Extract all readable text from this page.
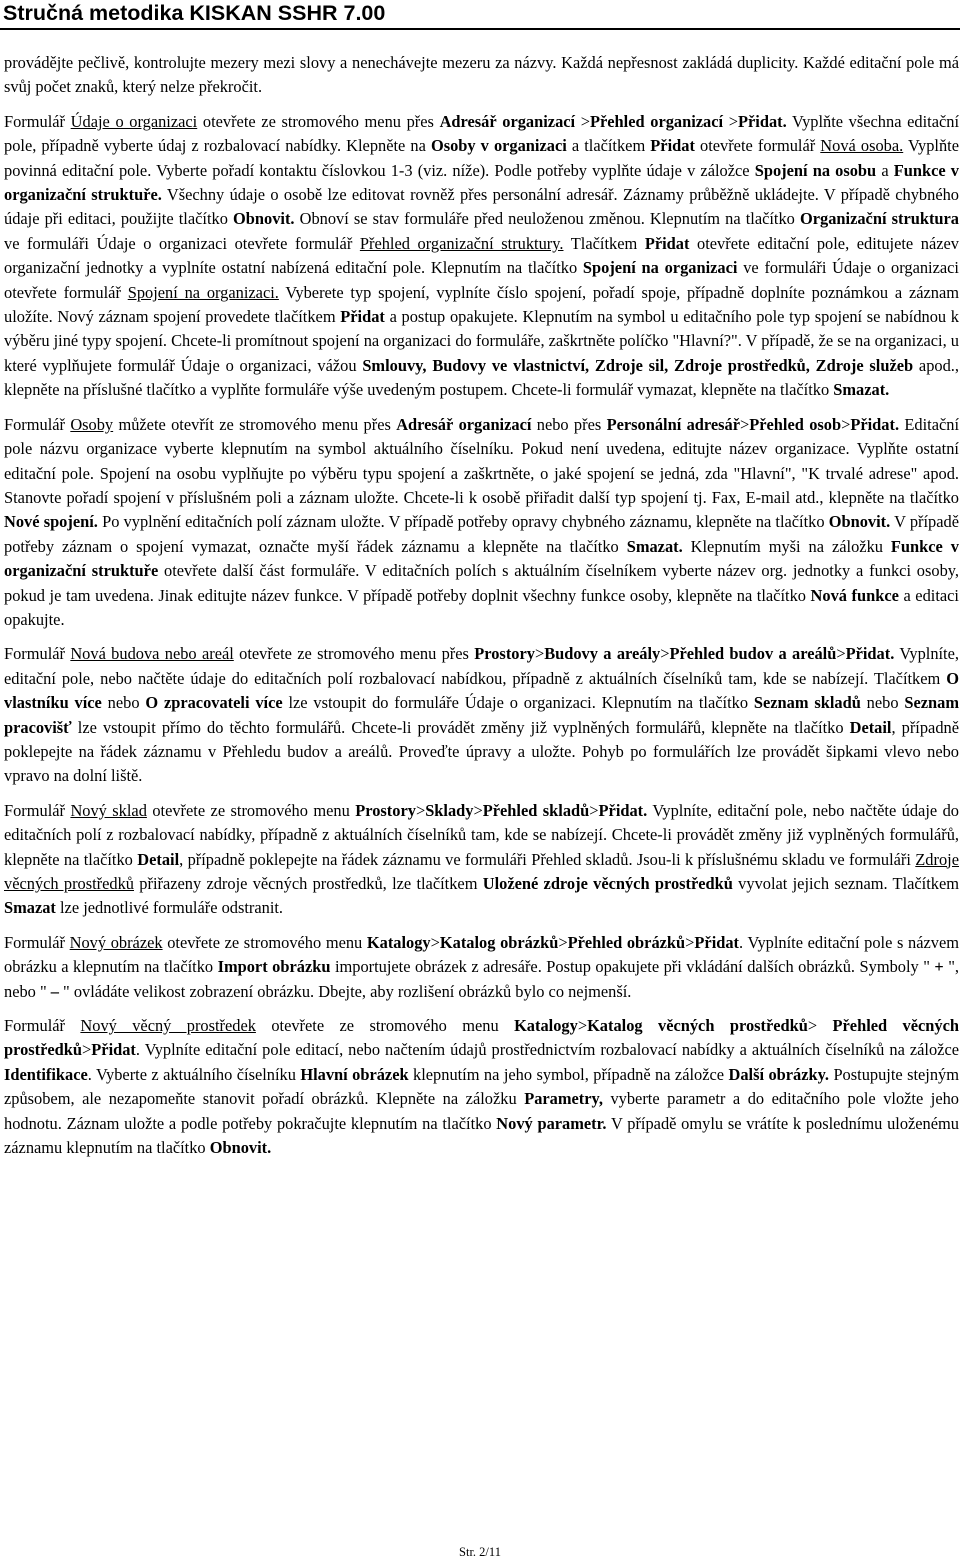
Stručná metodika KISKAN SSHR 7.00

provádějte pečlivě, kontrolujte mezery mezi slovy a nenechávejte mezeru za názvy. Každá nepřesnost zakládá duplicity. Každé editační pole má svůj počet znaků, který nelze překročit.

Formulář Údaje o organizaci otevřete ze stromového menu přes Adresář organizací >Přehled organizací >Přidat. Vyplňte všechna editační pole, případně vyberte údaj z rozbalovací nabídky. Klepněte na Osoby v organizaci a tlačítkem Přidat otevřete formulář Nová osoba. Vyplňte povinná editační pole. Vyberte pořadí kontaktu číslovkou 1-3 (viz. níže). Podle potřeby vyplňte údaje v záložce Spojení na osobu a Funkce v organizační struktuře. Všechny údaje o osobě lze editovat rovněž přes personální adresář. Záznamy průběžně ukládejte. V případě chybného údaje při editaci, použijte tlačítko Obnovit. Obnoví se stav formuláře před neuloženou změnou. Klepnutím na tlačítko Organizační struktura ve formuláři Údaje o organizaci otevřete formulář Přehled organizační struktury. Tlačítkem Přidat otevřete editační pole, editujete název organizační jednotky a vyplníte ostatní nabízená editační pole. Klepnutím na tlačítko Spojení na organizaci ve formuláři Údaje o organizaci otevřete formulář Spojení na organizaci. Vyberete typ spojení, vyplníte číslo spojení, pořadí spoje, případně doplníte poznámkou a záznam uložíte. Nový záznam spojení provedete tlačítkem Přidat a postup opakujete. Klepnutím na symbol u editačního pole typ spojení se nabídnou k výběru jiné typy spojení. Chcete-li promítnout spojení na organizaci do formuláře, zaškrtněte políčko "Hlavní?". V případě, že se na organizaci, u které vyplňujete formulář Údaje o organizaci, vážou Smlouvy, Budovy ve vlastnictví, Zdroje sil, Zdroje prostředků, Zdroje služeb apod., klepněte na příslušné tlačítko a vyplňte formuláře výše uvedeným postupem. Chcete-li formulář vymazat, klepněte na tlačítko Smazat.

Formulář Osoby můžete otevřít ze stromového menu přes Adresář organizací nebo přes Personální adresář>Přehled osob>Přidat. Editační pole názvu organizace vyberte klepnutím na symbol aktuálního číselníku. Pokud není uvedena, editujte název organizace. Vyplňte ostatní editační pole. Spojení na osobu vyplňujte po výběru typu spojení a zaškrtněte, o jaké spojení se jedná, zda "Hlavní", "K trvalé adrese" apod. Stanovte pořadí spojení v příslušném poli a záznam uložte. Chcete-li k osobě přiřadit další typ spojení tj. Fax, E-mail atd., klepněte na tlačítko Nové spojení. Po vyplnění editačních polí záznam uložte. V případě potřeby opravy chybného záznamu, klepněte na tlačítko Obnovit. V případě potřeby záznam o spojení vymazat, označte myší řádek záznamu a klepněte na tlačítko Smazat. Klepnutím myši na záložku Funkce v organizační struktuře otevřete další část formuláře. V editačních polích s aktuálním číselníkem vyberte název org. jednotky a funkci osoby, pokud je tam uvedena. Jinak editujte název funkce. V případě potřeby doplnit všechny funkce osoby, klepněte na tlačítko Nová funkce a editaci opakujte.

Formulář Nová budova nebo areál otevřete ze stromového menu přes Prostory>Budovy a areály>Přehled budov a areálů>Přidat. Vyplníte, editační pole, nebo načtěte údaje do editačních polí rozbalovací nabídkou, případně z aktuálních číselníků tam, kde se nabízejí. Tlačítkem O vlastníku více nebo O zpracovateli více lze vstoupit do formuláře Údaje o organizaci. Klepnutím na tlačítko Seznam skladů nebo Seznam pracovišť lze vstoupit přímo do těchto formulářů. Chcete-li provádět změny již vyplněných formulářů, klepněte na tlačítko Detail, případně poklepejte na řádek záznamu v Přehledu budov a areálů. Proveďte úpravy a uložte. Pohyb po formulářích lze provádět šipkami vlevo nebo vpravo na dolní liště.

Formulář Nový sklad otevřete ze stromového menu Prostory>Sklady>Přehled skladů>Přidat. Vyplníte, editační pole, nebo načtěte údaje do editačních polí z rozbalovací nabídky, případně z aktuálních číselníků tam, kde se nabízejí. Chcete-li provádět změny již vyplněných formulářů, klepněte na tlačítko Detail, případně poklepejte na řádek záznamu ve formuláři Přehled skladů. Jsou-li k příslušnému skladu ve formuláři Zdroje věcných prostředků přiřazeny zdroje věcných prostředků, lze tlačítkem Uložené zdroje věcných prostředků vyvolat jejich seznam. Tlačítkem Smazat lze jednotlivé formuláře odstranit.

Formulář Nový obrázek otevřete ze stromového menu Katalogy>Katalog obrázků>Přehled obrázků>Přidat. Vyplníte editační pole s názvem obrázku a klepnutím na tlačítko Import obrázku importujete obrázek z adresáře. Postup opakujete při vkládání dalších obrázků. Symboly " + ", nebo " – " ovládáte velikost zobrazení obrázku. Dbejte, aby rozlišení obrázků bylo co nejmenší.

Formulář Nový věcný prostředek otevřete ze stromového menu Katalogy>Katalog věcných prostředků> Přehled věcných prostředků>Přidat. Vyplníte editační pole editací, nebo načtením údajů prostřednictvím rozbalovací nabídky a aktuálních číselníků na záložce Identifikace. Vyberte z aktuálního číselníku Hlavní obrázek klepnutím na jeho symbol, případně na záložce Další obrázky. Postupujte stejným způsobem, ale nezapomeňte stanovit pořadí obrázků. Klepněte na záložku Parametry, vyberte parametr a do editačního pole vložte jeho hodnotu. Záznam uložte a podle potřeby pokračujte klepnutím na tlačítko Nový parametr. V případě omylu se vrátíte k poslednímu uloženému záznamu klepnutím na tlačítko Obnovit.

Str. 2/11
